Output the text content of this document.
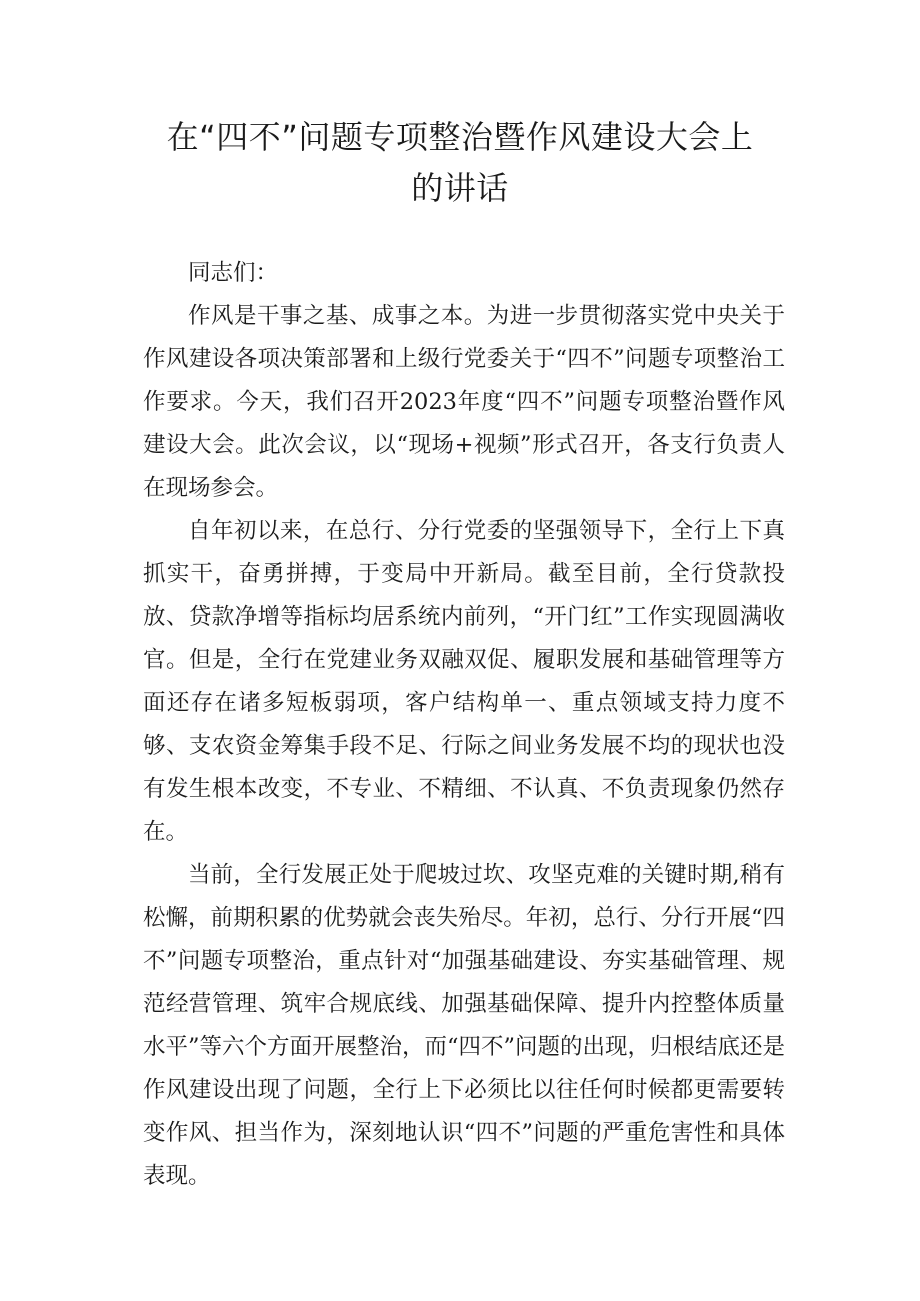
在“四不”问题专项整治暨作风建设大会上
的讲话

同志们：

作风是干事之基、成事之本。为进一步贯彻落实党中央关于作风建设各项决策部署和上级行党委关于“四不”问题专项整治工作要求。今天，我们召开2023年度“四不”问题专项整治暨作风建设大会。此次会议，以“现场+视频”形式召开，各支行负责人在现场参会。

自年初以来，在总行、分行党委的坚强领导下，全行上下真抓实干，奋勇拼搏，于变局中开新局。截至目前，全行贷款投放、贷款净增等指标均居系统内前列，“开门红”工作实现圆满收官。但是，全行在党建业务双融双促、履职发展和基础管理等方面还存在诸多短板弱项，客户结构单一、重点领域支持力度不够、支农资金筹集手段不足、行际之间业务发展不均的现状也没有发生根本改变，不专业、不精细、不认真、不负责现象仍然存在。

当前，全行发展正处于爬坡过坎、攻坚克难的关键时期,稍有松懈，前期积累的优势就会丧失殆尽。年初，总行、分行开展“四不”问题专项整治，重点针对“加强基础建设、夯实基础管理、规范经营管理、筑牢合规底线、加强基础保障、提升内控整体质量水平”等六个方面开展整治，而“四不”问题的出现，归根结底还是作风建设出现了问题，全行上下必须比以往任何时候都更需要转变作风、担当作为，深刻地认识“四不”问题的严重危害性和具体表现。
